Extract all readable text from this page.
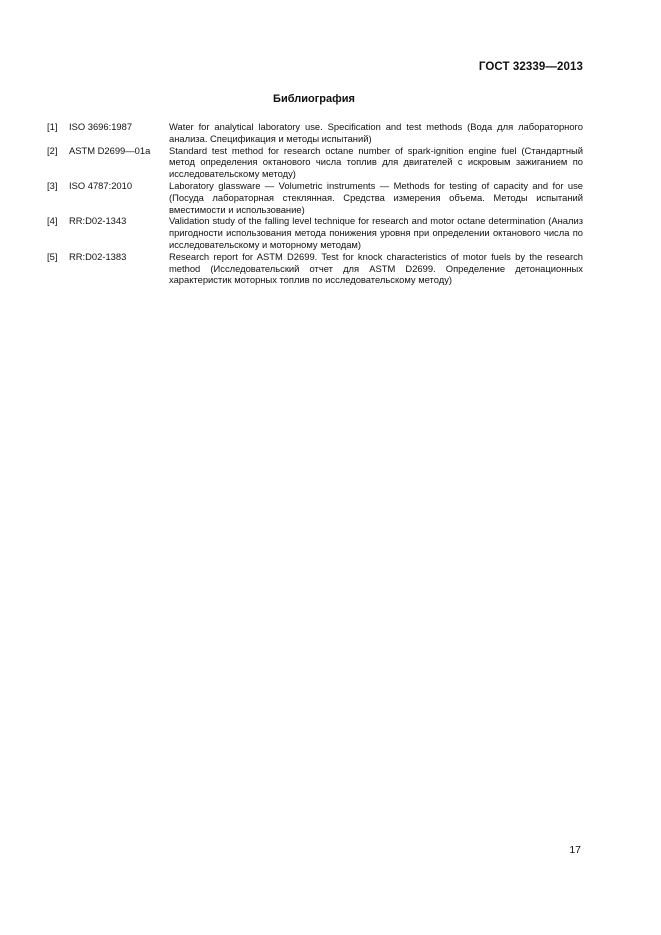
ГОСТ 32339—2013
Библиография
[1]	ISO 3696:1987	Water for analytical laboratory use. Specification and test methods (Вода для лабораторного анализа. Спецификация и методы испытаний)
[2]	ASTM D2699—01a	Standard test method for research octane number of spark-ignition engine fuel (Стандартный метод определения октанового числа топлив для двигателей с искровым зажиганием по исследовательскому методу)
[3]	ISO 4787:2010	Laboratory glassware — Volumetric instruments — Methods for testing of capacity and for use (Посуда лабораторная стеклянная. Средства измерения объема. Методы испытаний вместимости и использование)
[4]	RR:D02-1343	Validation study of the falling level technique for research and motor octane determination (Анализ пригодности использования метода понижения уровня при определении октанового числа по исследовательскому и моторному методам)
[5]	RR:D02-1383	Research report for ASTM D2699. Test for knock characteristics of motor fuels by the research method (Исследовательский отчет для ASTM D2699. Определение детонационных характеристик моторных топлив по исследовательскому методу)
17
